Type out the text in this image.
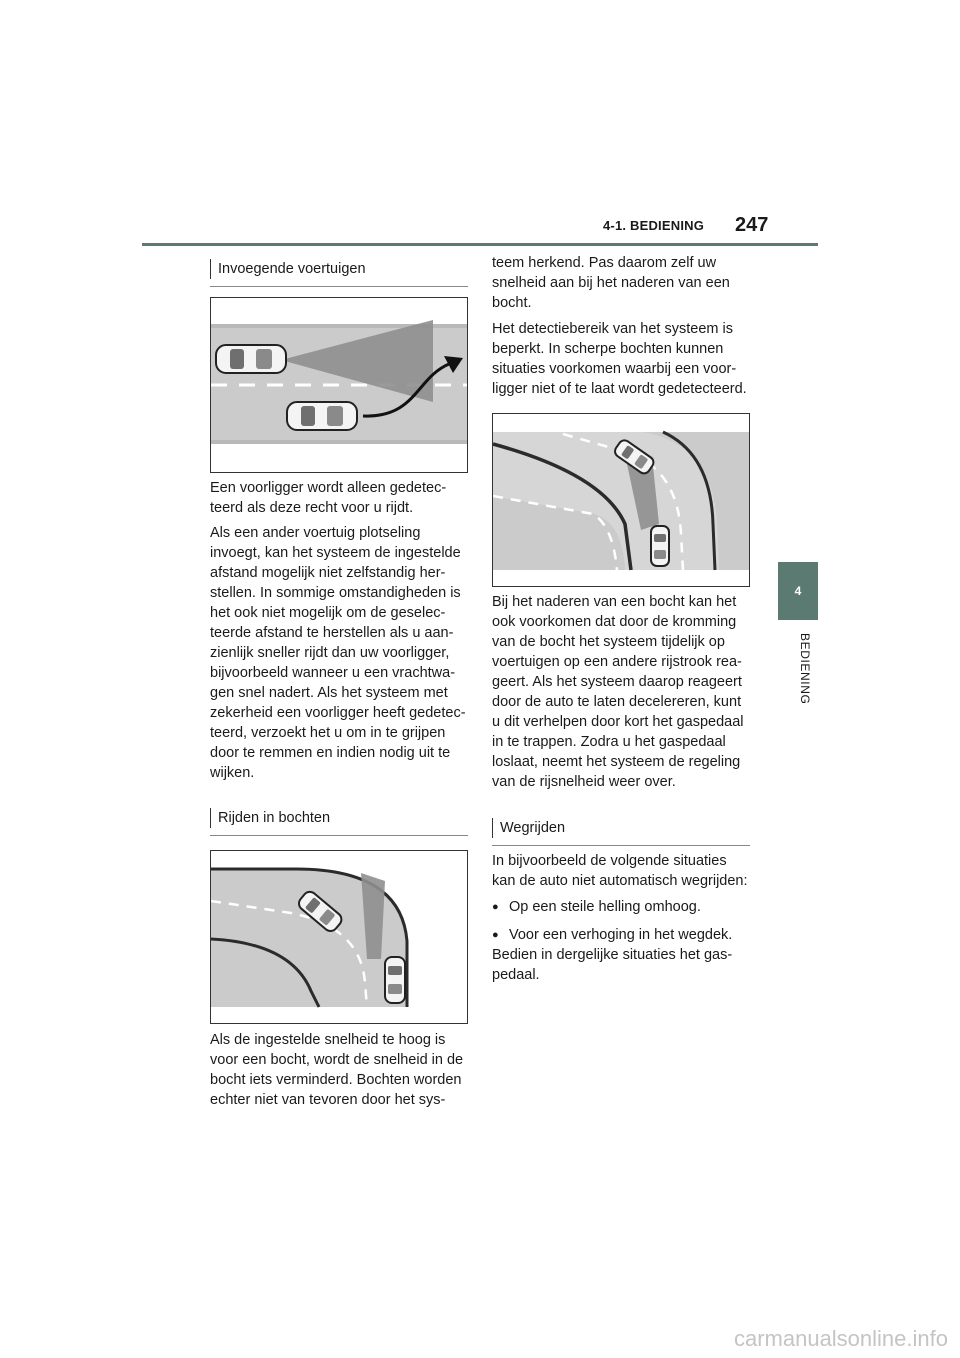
4-1. BEDIENING 247
4
BEDIENING
Invoegende voertuigen

Een voorligger wordt alleen gedetec-teerd als deze recht voor u rijdt.

Als een ander voertuig plotseling invoegt, kan het systeem de ingestelde afstand mogelijk niet zelfstandig her-stellen. In sommige omstandigheden is het ook niet mogelijk om de geselec-teerde afstand te herstellen als u aan-zienlijk sneller rijdt dan uw voorligger, bijvoorbeeld wanneer u een vrachtwa-gen snel nadert. Als het systeem met zekerheid een voorligger heeft gedetec-teerd, verzoekt het u om in te grijpen door te remmen en indien nodig uit te wijken.

Rijden in bochten

Als de ingestelde snelheid te hoog is voor een bocht, wordt de snelheid in de bocht iets verminderd. Bochten worden echter niet van tevoren door het sys-

teem herkend. Pas daarom zelf uw snelheid aan bij het naderen van een bocht.

Het detectiebereik van het systeem is beperkt. In scherpe bochten kunnen situaties voorkomen waarbij een voor-ligger niet of te laat wordt gedetecteerd.

Bij het naderen van een bocht kan het ook voorkomen dat door de kromming van de bocht het systeem tijdelijk op voertuigen op een andere rijstrook rea-geert. Als het systeem daarop reageert door de auto te laten decelereren, kunt u dit verhelpen door kort het gaspedaal in te trappen. Zodra u het gaspedaal loslaat, neemt het systeem de regeling van de rijsnelheid weer over.

Wegrijden

In bijvoorbeeld de volgende situaties kan de auto niet automatisch wegrijden:

● Op een steile helling omhoog.
● Voor een verhoging in het wegdek.

Bedien in dergelijke situaties het gas-pedaal.

carmanualsonline.info
